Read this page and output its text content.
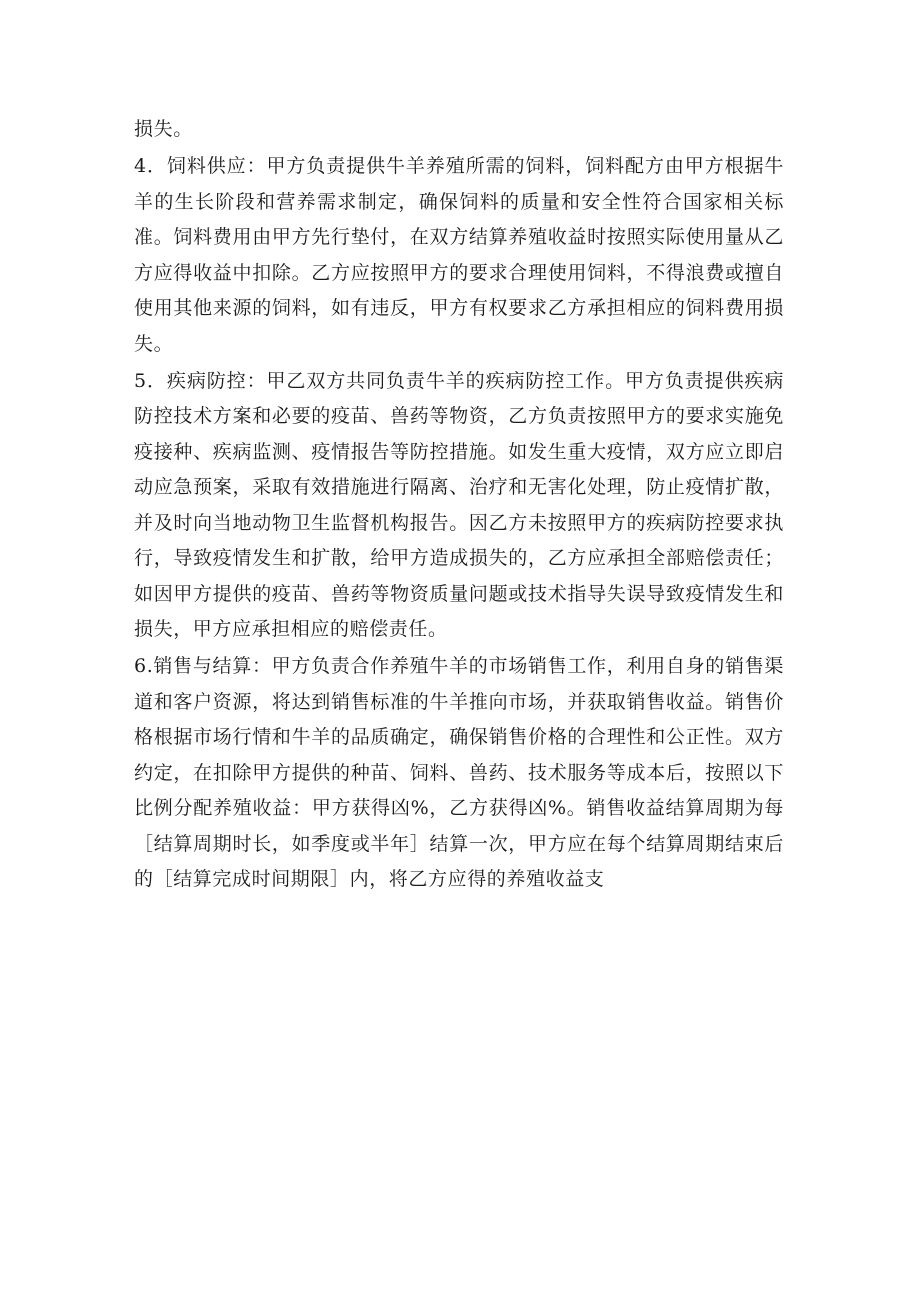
损失。

4．饲料供应：甲方负责提供牛羊养殖所需的饲料，饲料配方由甲方根据牛羊的生长阶段和营养需求制定，确保饲料的质量和安全性符合国家相关标准。饲料费用由甲方先行垫付，在双方结算养殖收益时按照实际使用量从乙方应得收益中扣除。乙方应按照甲方的要求合理使用饲料，不得浪费或擅自使用其他来源的饲料，如有违反，甲方有权要求乙方承担相应的饲料费用损失。

5．疾病防控：甲乙双方共同负责牛羊的疾病防控工作。甲方负责提供疾病防控技术方案和必要的疫苗、兽药等物资，乙方负责按照甲方的要求实施免疫接种、疾病监测、疫情报告等防控措施。如发生重大疫情，双方应立即启动应急预案，采取有效措施进行隔离、治疗和无害化处理，防止疫情扩散，并及时向当地动物卫生监督机构报告。因乙方未按照甲方的疾病防控要求执行，导致疫情发生和扩散，给甲方造成损失的，乙方应承担全部赔偿责任；如因甲方提供的疫苗、兽药等物资质量问题或技术指导失误导致疫情发生和损失，甲方应承担相应的赔偿责任。

6.销售与结算：甲方负责合作养殖牛羊的市场销售工作，利用自身的销售渠道和客户资源，将达到销售标准的牛羊推向市场，并获取销售收益。销售价格根据市场行情和牛羊的品质确定，确保销售价格的合理性和公正性。双方约定，在扣除甲方提供的种苗、饲料、兽药、技术服务等成本后，按照以下比例分配养殖收益：甲方获得凶%，乙方获得凶%。销售收益结算周期为每［结算周期时长，如季度或半年］结算一次，甲方应在每个结算周期结束后的［结算完成时间期限］内，将乙方应得的养殖收益支
